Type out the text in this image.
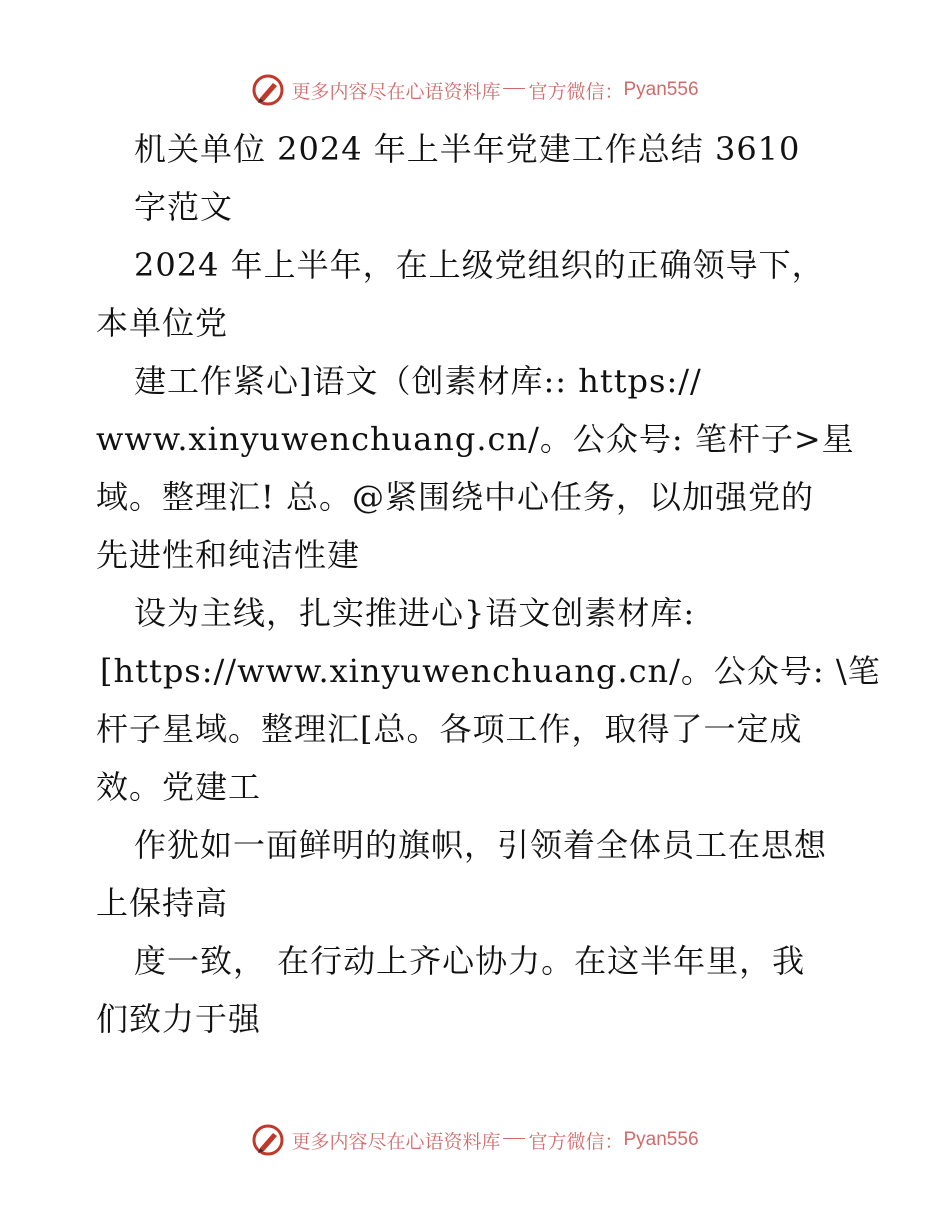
更多内容尽在心语资料库 官方微信： Pyan556
机关单位 2024 年上半年党建工作总结 3610
字范文
2024 年上半年，在上级党组织的正确领导下，
本单位党
建工作紧心]语文（创素材库:: https://
www.xinyuwenchuang.cn/。公众号: 笔杆子>星
域。整理汇! 总。@紧围绕中心任务，以加强党的
先进性和纯洁性建
设为主线，扎实推进心}语文创素材库:
[https://www.xinyuwenchuang.cn/。公众号: \笔
杆子星域。整理汇[总。各项工作，取得了一定成
效。党建工
作犹如一面鲜明的旗帜，引领着全体员工在思想
上保持高
度一致， 在行动上齐心协力。在这半年里，我
们致力于强
更多内容尽在心语资料库 官方微信： Pyan556
